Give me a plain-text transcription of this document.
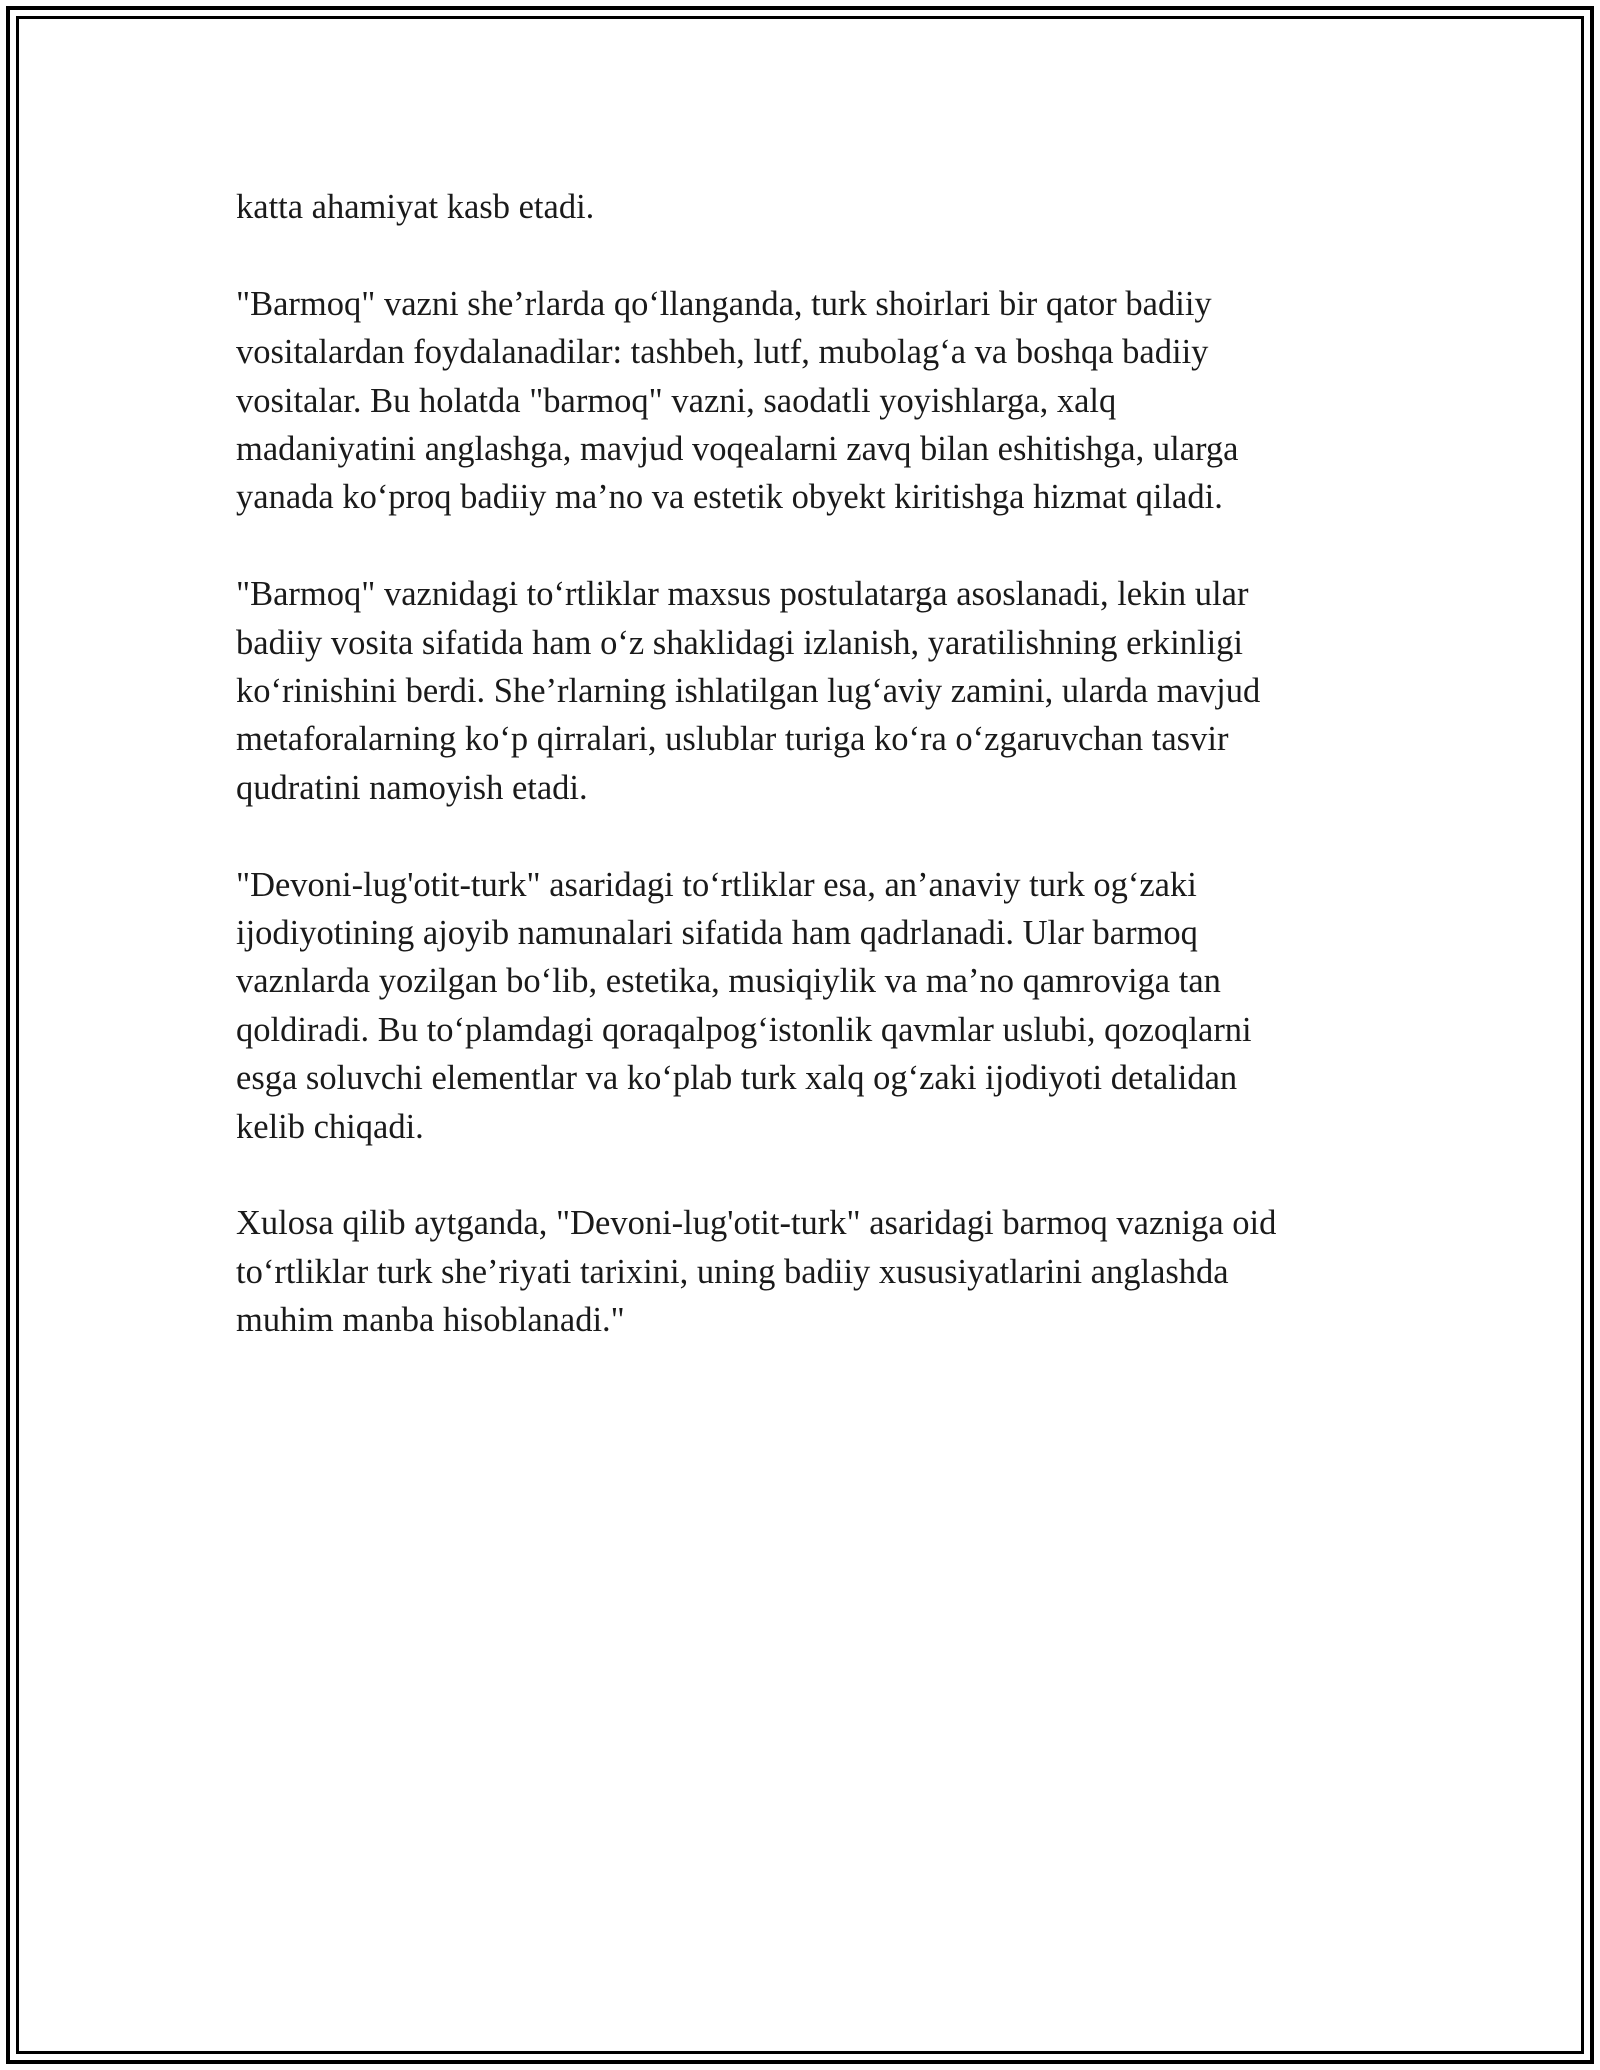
katta ahamiyat kasb etadi.

"Barmoq" vazni she’rlarda qo‘llanganda, turk shoirlari bir qator badiiy
vositalardan foydalanadilar: tashbeh, lutf, mubolag‘a va boshqa badiiy
vositalar. Bu holatda "barmoq" vazni, saodatli yoyishlarga, xalq
madaniyatini anglashga, mavjud voqealarni zavq bilan eshitishga, ularga
yanada ko‘proq badiiy ma’no va estetik obyekt kiritishga hizmat qiladi.

"Barmoq" vaznidagi to‘rtliklar maxsus postulatarga asoslanadi, lekin ular
badiiy vosita sifatida ham o‘z shaklidagi izlanish, yaratilishning erkinligi
ko‘rinishini berdi. She’rlarning ishlatilgan lug‘aviy zamini, ularda mavjud
metaforalarning ko‘p qirralari, uslublar turiga ko‘ra o‘zgaruvchan tasvir
qudratini namoyish etadi.

"Devoni-lug'otit-turk" asaridagi to‘rtliklar esa, an’anaviy turk og‘zaki
ijodiyotining ajoyib namunalari sifatida ham qadrlanadi. Ular barmoq
vaznlarda yozilgan bo‘lib, estetika, musiqiylik va ma’no qamroviga tan
qoldiradi. Bu to‘plamdagi qoraqalpog‘istonlik qavmlar uslubi, qozoqlarni
esga soluvchi elementlar va ko‘plab turk xalq og‘zaki ijodiyoti detalidan
kelib chiqadi.

Xulosa qilib aytganda, "Devoni-lug'otit-turk" asaridagi barmoq vazniga oid
to‘rtliklar turk she’riyati tarixini, uning badiiy xususiyatlarini anglashda
muhim manba hisoblanadi."
